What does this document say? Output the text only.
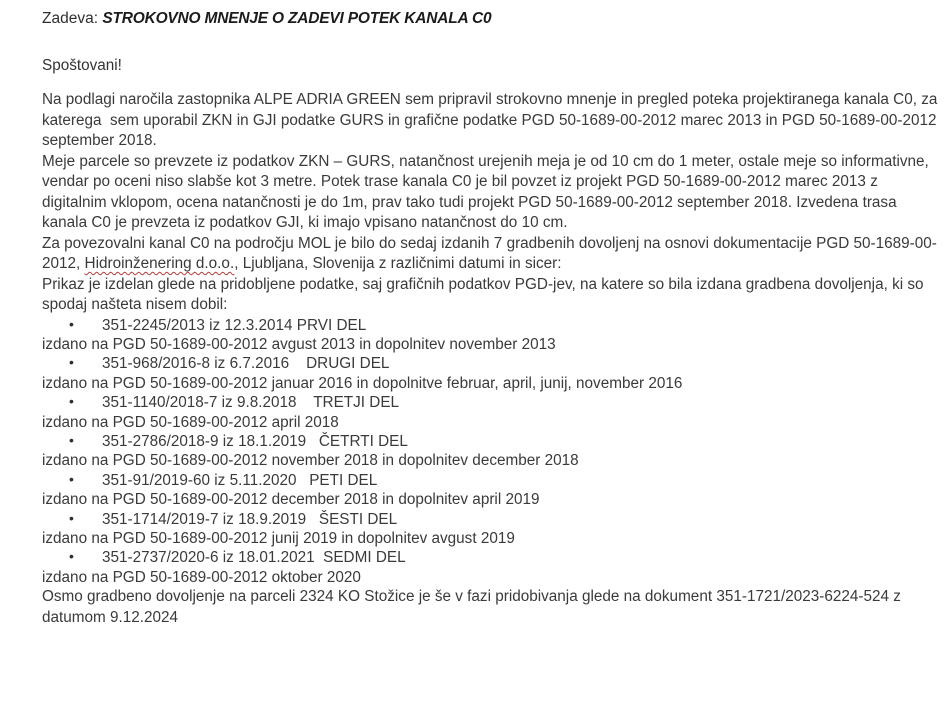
Zadeva: STROKOVNO MNENJE O ZADEVI POTEK KANALA C0

Spoštovani!

Na podlagi naročila zastopnika ALPE ADRIA GREEN sem pripravil strokovno mnenje in pregled poteka projektiranega kanala C0, za katerega  sem uporabil ZKN in GJI podatke GURS in grafične podatke PGD 50-1689-00-2012 marec 2013 in PGD 50-1689-00-2012 september 2018.

Meje parcele so prevzete iz podatkov ZKN – GURS, natančnost urejenih meja je od 10 cm do 1 meter, ostale meje so informativne, vendar po oceni niso slabše kot 3 metre. Potek trase kanala C0 je bil povzet iz projekt PGD 50-1689-00-2012 marec 2013 z digitalnim vklopom, ocena natančnosti je do 1m, prav tako tudi projekt PGD 50-1689-00-2012 september 2018. Izvedena trasa kanala C0 je prevzeta iz podatkov GJI, ki imajo vpisano natančnost do 10 cm.

Za povezovalni kanal C0 na področju MOL je bilo do sedaj izdanih 7 gradbenih dovoljenj na osnovi dokumentacije PGD 50-1689-00-2012, Hidroinženering d.o.o., Ljubljana, Slovenija z različnimi datumi in sicer:

Prikaz je izdelan glede na pridobljene podatke, saj grafičnih podatkov PGD-jev, na katere so bila izdana gradbena dovoljenja, ki so spodaj našteta nisem dobil:

• 351-2245/2013 iz 12.3.2014 PRVI DEL
izdano na PGD 50-1689-00-2012 avgust 2013 in dopolnitev november 2013
• 351-968/2016-8 iz 6.7.2016    DRUGI DEL
izdano na PGD 50-1689-00-2012 januar 2016 in dopolnitve februar, april, junij, november 2016
• 351-1140/2018-7 iz 9.8.2018    TRETJI DEL
izdano na PGD 50-1689-00-2012 april 2018
• 351-2786/2018-9 iz 18.1.2019   ČETRTI DEL
izdano na PGD 50-1689-00-2012 november 2018 in dopolnitev december 2018
• 351-91/2019-60 iz 5.11.2020   PETI DEL
izdano na PGD 50-1689-00-2012 december 2018 in dopolnitev april 2019
• 351-1714/2019-7 iz 18.9.2019   ŠESTI DEL
izdano na PGD 50-1689-00-2012 junij 2019 in dopolnitev avgust 2019
• 351-2737/2020-6 iz 18.01.2021  SEDMI DEL
izdano na PGD 50-1689-00-2012 oktober 2020

Osmo gradbeno dovoljenje na parceli 2324 KO Stožice je še v fazi pridobivanja glede na dokument 351-1721/2023-6224-524 z datumom 9.12.2024
